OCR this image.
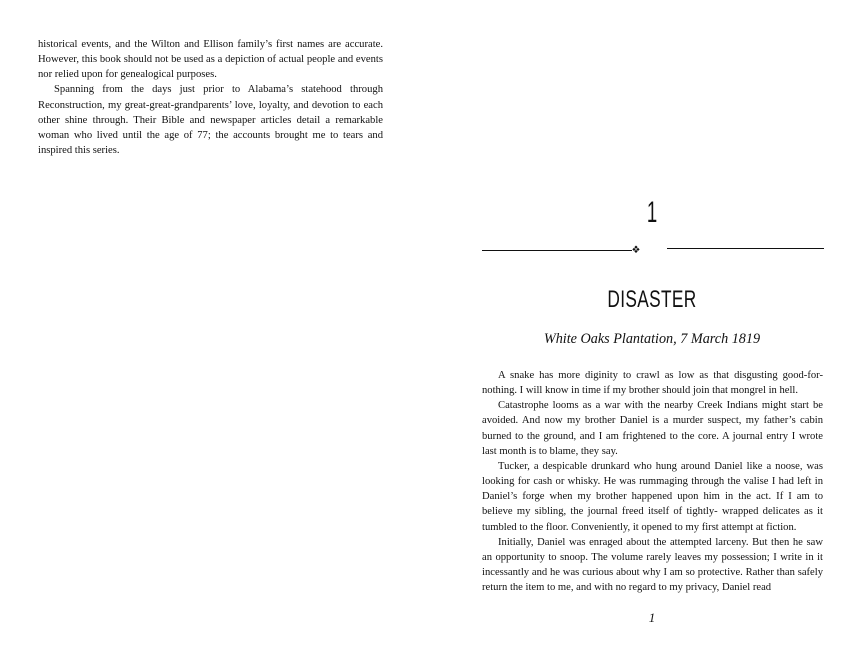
historical events, and the Wilton and Ellison family’s first names are accurate. However, this book should not be used as a depiction of actual people and events nor relied upon for genealogical purposes.

Spanning from the days just prior to Alabama’s statehood through Reconstruction, my great-great-grandparents’ love, loyalty, and devotion to each other shine through. Their Bible and newspaper articles detail a remarkable woman who lived until the age of 77; the accounts brought me to tears and inspired this series.

1
❖
DISASTER
White Oaks Plantation, 7 March 1819

A snake has more diginity to crawl as low as that disgusting good-for-nothing. I will know in time if my brother should join that mongrel in hell.

Catastrophe looms as a war with the nearby Creek Indians might start be avoided. And now my brother Daniel is a murder suspect, my father’s cabin burned to the ground, and I am frightened to the core. A journal entry I wrote last month is to blame, they say.

Tucker, a despicable drunkard who hung around Daniel like a noose, was looking for cash or whisky. He was rummaging through the valise I had left in Daniel’s forge when my brother happened upon him in the act. If I am to believe my sibling, the journal freed itself of tightly- wrapped delicates as it tumbled to the floor. Conveniently, it opened to my first attempt at fiction.

Initially, Daniel was enraged about the attempted larceny. But then he saw an opportunity to snoop. The volume rarely leaves my possession; I write in it incessantly and he was curious about why I am so protective. Rather than safely return the item to me, and with no regard to my privacy, Daniel read

1
